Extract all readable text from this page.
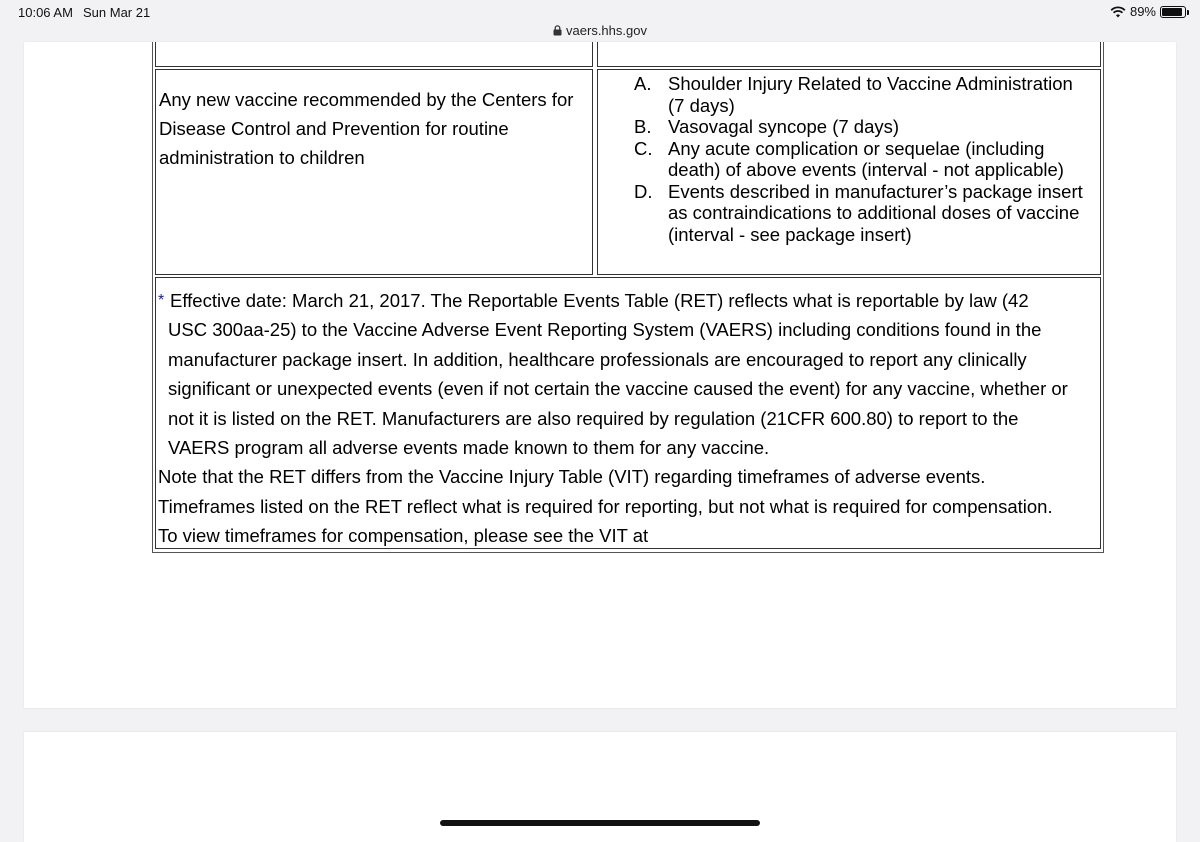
10:06 AM Sun Mar 21	89%
vaers.hhs.gov
Any new vaccine recommended by the Centers for
Disease Control and Prevention for routine
administration to children
A. Shoulder Injury Related to Vaccine Administration
(7 days)
B. Vasovagal syncope (7 days)
C. Any acute complication or sequelae (including
death) of above events (interval - not applicable)
D. Events described in manufacturer’s package insert
as contraindications to additional doses of vaccine
(interval - see package insert)
* Effective date: March 21, 2017. The Reportable Events Table (RET) reflects what is reportable by law (42
USC 300aa-25) to the Vaccine Adverse Event Reporting System (VAERS) including conditions found in the
manufacturer package insert. In addition, healthcare professionals are encouraged to report any clinically
significant or unexpected events (even if not certain the vaccine caused the event) for any vaccine, whether or
not it is listed on the RET. Manufacturers are also required by regulation (21CFR 600.80) to report to the
VAERS program all adverse events made known to them for any vaccine.
Note that the RET differs from the Vaccine Injury Table (VIT) regarding timeframes of adverse events.
Timeframes listed on the RET reflect what is required for reporting, but not what is required for compensation.
To view timeframes for compensation, please see the VIT at
